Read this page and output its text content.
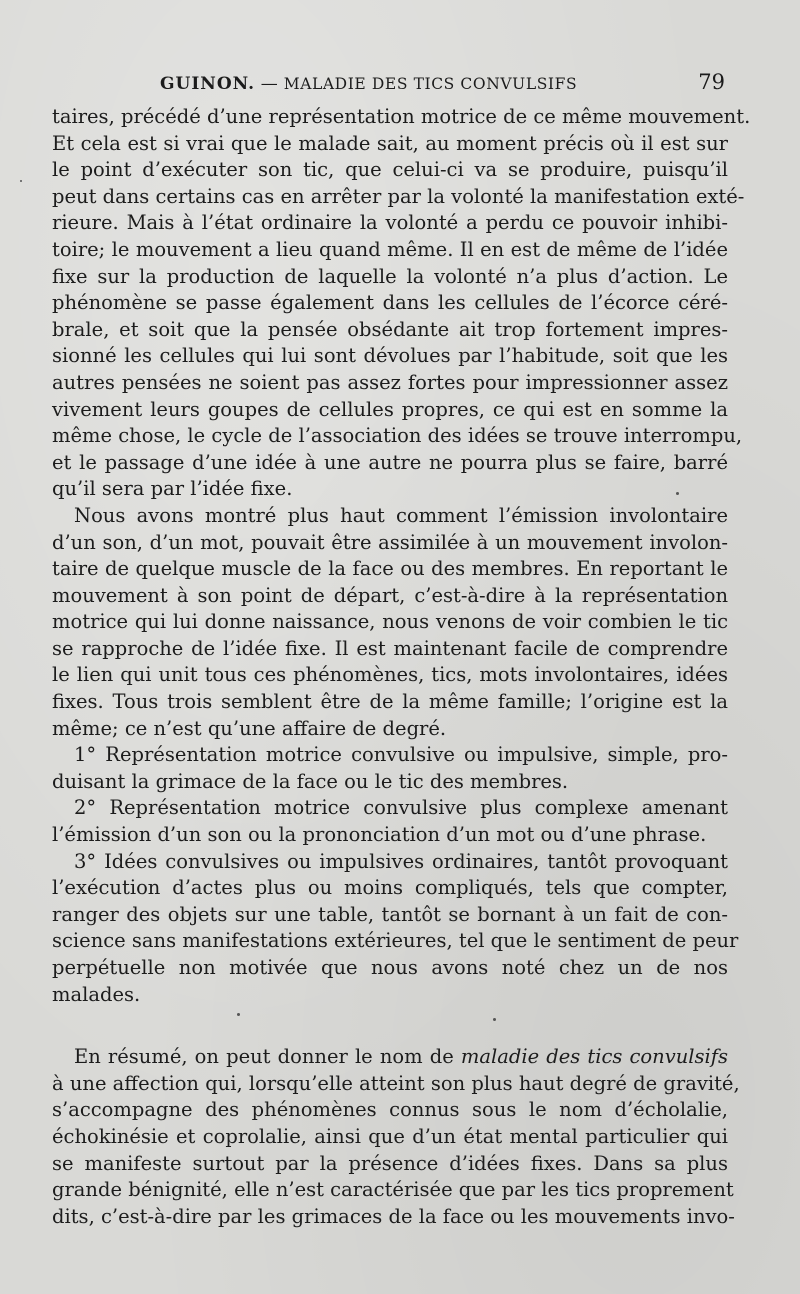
GUINON. — MALADIE DES TICS CONVULSIFS	79

taires, précédé d’une représentation motrice de ce même mouvement.

Et cela est si vrai que le malade sait, au moment précis où il est sur

le point d’exécuter son tic, que celui-ci va se produire, puisqu’il

peut dans certains cas en arrêter par la volonté la manifestation exté-

rieure. Mais à l’état ordinaire la volonté a perdu ce pouvoir inhibi-

toire; le mouvement a lieu quand même. Il en est de même de l’idée

fixe sur la production de laquelle la volonté n’a plus d’action. Le

phénomène se passe également dans les cellules de l’écorce céré-

brale, et soit que la pensée obsédante ait trop fortement impres-

sionné les cellules qui lui sont dévolues par l’habitude, soit que les

autres pensées ne soient pas assez fortes pour impressionner assez

vivement leurs goupes de cellules propres, ce qui est en somme la

même chose, le cycle de l’association des idées se trouve interrompu,

et le passage d’une idée à une autre ne pourra plus se faire, barré

qu’il sera par l’idée fixe.

Nous avons montré plus haut comment l’émission involontaire

d’un son, d’un mot, pouvait être assimilée à un mouvement involon-

taire de quelque muscle de la face ou des membres. En reportant le

mouvement à son point de départ, c’est-à-dire à la représentation

motrice qui lui donne naissance, nous venons de voir combien le tic

se rapproche de l’idée fixe. Il est maintenant facile de comprendre

le lien qui unit tous ces phénomènes, tics, mots involontaires, idées

fixes. Tous trois semblent être de la même famille; l’origine est la

même; ce n’est qu’une affaire de degré.

1° Représentation motrice convulsive ou impulsive, simple, pro-

duisant la grimace de la face ou le tic des membres.

2° Représentation motrice convulsive plus complexe amenant

l’émission d’un son ou la prononciation d’un mot ou d’une phrase.

3° Idées convulsives ou impulsives ordinaires, tantôt provoquant

l’exécution d’actes plus ou moins compliqués, tels que compter,

ranger des objets sur une table, tantôt se bornant à un fait de con-

science sans manifestations extérieures, tel que le sentiment de peur

perpétuelle non motivée que nous avons noté chez un de nos

malades.

En résumé, on peut donner le nom de maladie des tics convulsifs

à une affection qui, lorsqu’elle atteint son plus haut degré de gravité,

s’accompagne des phénomènes connus sous le nom d’écholalie,

échokinésie et coprolalie, ainsi que d’un état mental particulier qui

se manifeste surtout par la présence d’idées fixes. Dans sa plus

grande bénignité, elle n’est caractérisée que par les tics proprement

dits, c’est-à-dire par les grimaces de la face ou les mouvements invo-
